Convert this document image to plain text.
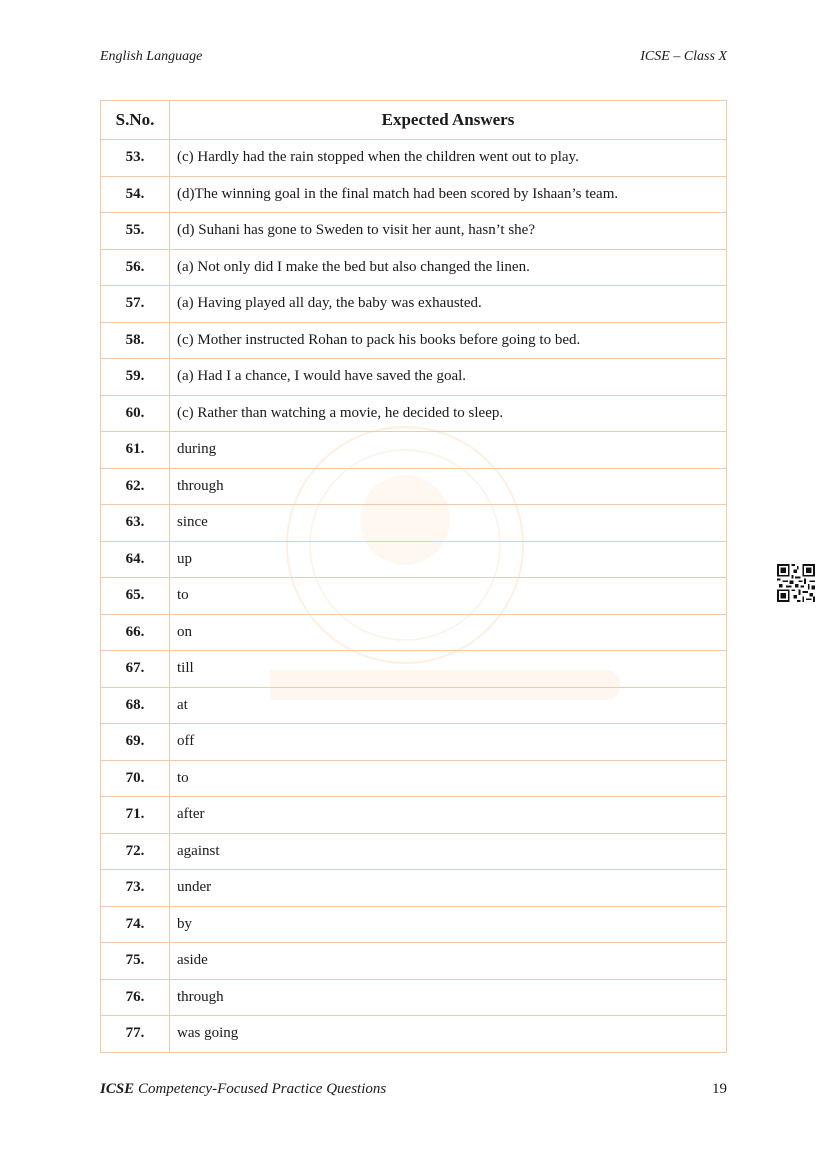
English Language	ICSE – Class X
S.No.	Expected Answers
53.	(c) Hardly had the rain stopped when the children went out to play.
54.	(d)The winning goal in the final match had been scored by Ishaan’s team.
55.	(d) Suhani has gone to Sweden to visit her aunt, hasn’t she?
56.	(a) Not only did I make the bed but also changed the linen.
57.	(a) Having played all day, the baby was exhausted.
58.	(c) Mother instructed Rohan to pack his books before going to bed.
59.	(a) Had I a chance, I would have saved the goal.
60.	(c) Rather than watching a movie, he decided to sleep.
61.	during
62.	through
63.	since
64.	up
65.	to
66.	on
67.	till
68.	at
69.	off
70.	to
71.	after
72.	against
73.	under
74.	by
75.	aside
76.	through
77.	was going
ICSE Competency-Focused Practice Questions	19
